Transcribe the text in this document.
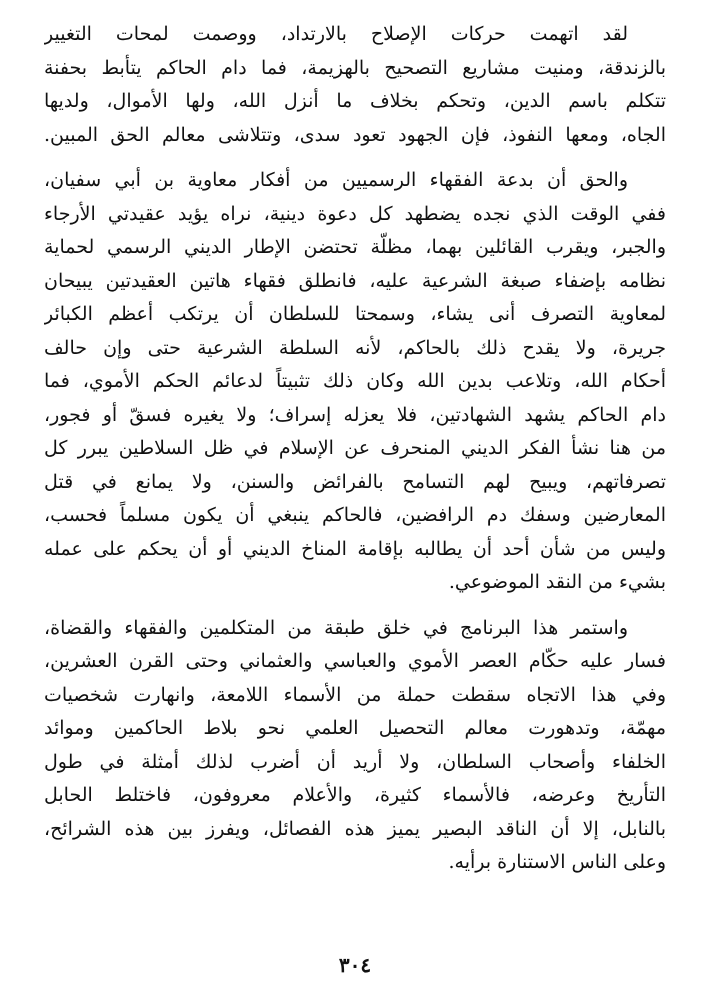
لقد اتهمت حركات الإصلاح بالارتداد، ووصمت لمحات التغيير
بالزندقة، ومنيت مشاريع التصحيح بالهزيمة، فما دام الحاكم يتأبط بحفنة
تتكلم باسم الدين، وتحكم بخلاف ما أنزل الله، ولها الأموال، ولديها
الجاه، ومعها النفوذ، فإن الجهود تعود سدى، وتتلاشى معالم الحق المبين.
والحق أن بدعة الفقهاء الرسميين من أفكار معاوية بن أبي سفيان،
ففي الوقت الذي نجده يضطهد كل دعوة دينية، نراه يؤيد عقيدتي الأرجاء
والجبر، ويقرب القائلين بهما، مظلّة تحتضن الإطار الديني الرسمي لحماية
نظامه بإضفاء صبغة الشرعية عليه، فانطلق فقهاء هاتين العقيدتين يبيحان
لمعاوية التصرف أنى يشاء، وسمحتا للسلطان أن يرتكب أعظم الكبائر
جريرة، ولا يقدح ذلك بالحاكم، لأنه السلطة الشرعية حتى وإن حالف
أحكام الله، وتلاعب بدين الله وكان ذلك تثبيتاً لدعائم الحكم الأموي، فما
دام الحاكم يشهد الشهادتين، فلا يعزله إسراف؛ ولا يغيره فسقّ أو فجور،
من هنا نشأ الفكر الديني المنحرف عن الإسلام في ظل السلاطين يبرر كل
تصرفاتهم، ويبيح لهم التسامح بالفرائض والسنن، ولا يمانع في قتل
المعارضين وسفك دم الرافضين، فالحاكم ينبغي أن يكون مسلماً فحسب،
وليس من شأن أحد أن يطالبه بإقامة المناخ الديني أو أن يحكم على عمله
بشيء من النقد الموضوعي.
واستمر هذا البرنامج في خلق طبقة من المتكلمين والفقهاء والقضاة،
فسار عليه حكّام العصر الأموي والعباسي والعثماني وحتى القرن العشرين،
وفي هذا الاتجاه سقطت حملة من الأسماء اللامعة، وانهارت شخصيات
مهمّة، وتدهورت معالم التحصيل العلمي نحو بلاط الحاكمين وموائد
الخلفاء وأصحاب السلطان، ولا أريد أن أضرب لذلك أمثلة في طول
التأريخ وعرضه، فالأسماء كثيرة، والأعلام معروفون، فاختلط الحابل
بالنابل، إلا أن الناقد البصير يميز هذه الفصائل، ويفرز بين هذه الشرائح،
وعلى الناس الاستنارة برأيه.
٣٠٤
